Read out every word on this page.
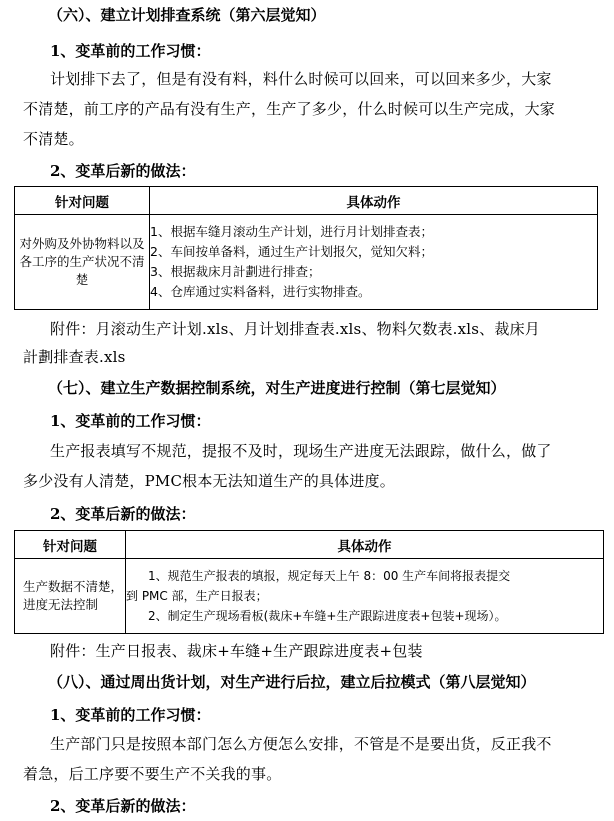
（六）、建立计划排查系统（第六层觉知）
1、变革前的工作习惯：
计划排下去了，但是有没有料，料什么时候可以回来，可以回来多少，大家
不清楚，前工序的产品有没有生产，生产了多少，什么时候可以生产完成，大家
不清楚。
2、变革后新的做法：
针对问题	具体动作
对外购及外协物料以及各工序的生产状况不清楚	1、根据车缝月滚动生产计划，进行月计划排查表；
2、车间按单备料，通过生产计划报欠，觉知欠料；
3、根据裁床月計劃进行排查；
4、仓库通过实料备料，进行实物排查。
附件：月滚动生产计划.xls、月计划排查表.xls、物料欠数表.xls、裁床月
計劃排查表.xls
（七）、建立生产数据控制系统，对生产进度进行控制（第七层觉知）
1、变革前的工作习惯：
生产报表填写不规范，提报不及时，现场生产进度无法跟踪，做什么，做了
多少没有人清楚，PMC根本无法知道生产的具体进度。
2、变革后新的做法：
针对问题	具体动作
生产数据不清楚，进度无法控制	1、规范生产报表的填报，规定每天上午 8：00 生产车间将报表提交
到 PMC 部，生产日报表；
2、制定生产现场看板(裁床+车缝+生产跟踪进度表+包装+现场）。
附件：生产日报表、裁床+车缝+生产跟踪进度表+包装
（八）、通过周出货计划，对生产进行后拉，建立后拉模式（第八层觉知）
1、变革前的工作习惯：
生产部门只是按照本部门怎么方便怎么安排，不管是不是要出货，反正我不
着急，后工序要不要生产不关我的事。
2、变革后新的做法：
